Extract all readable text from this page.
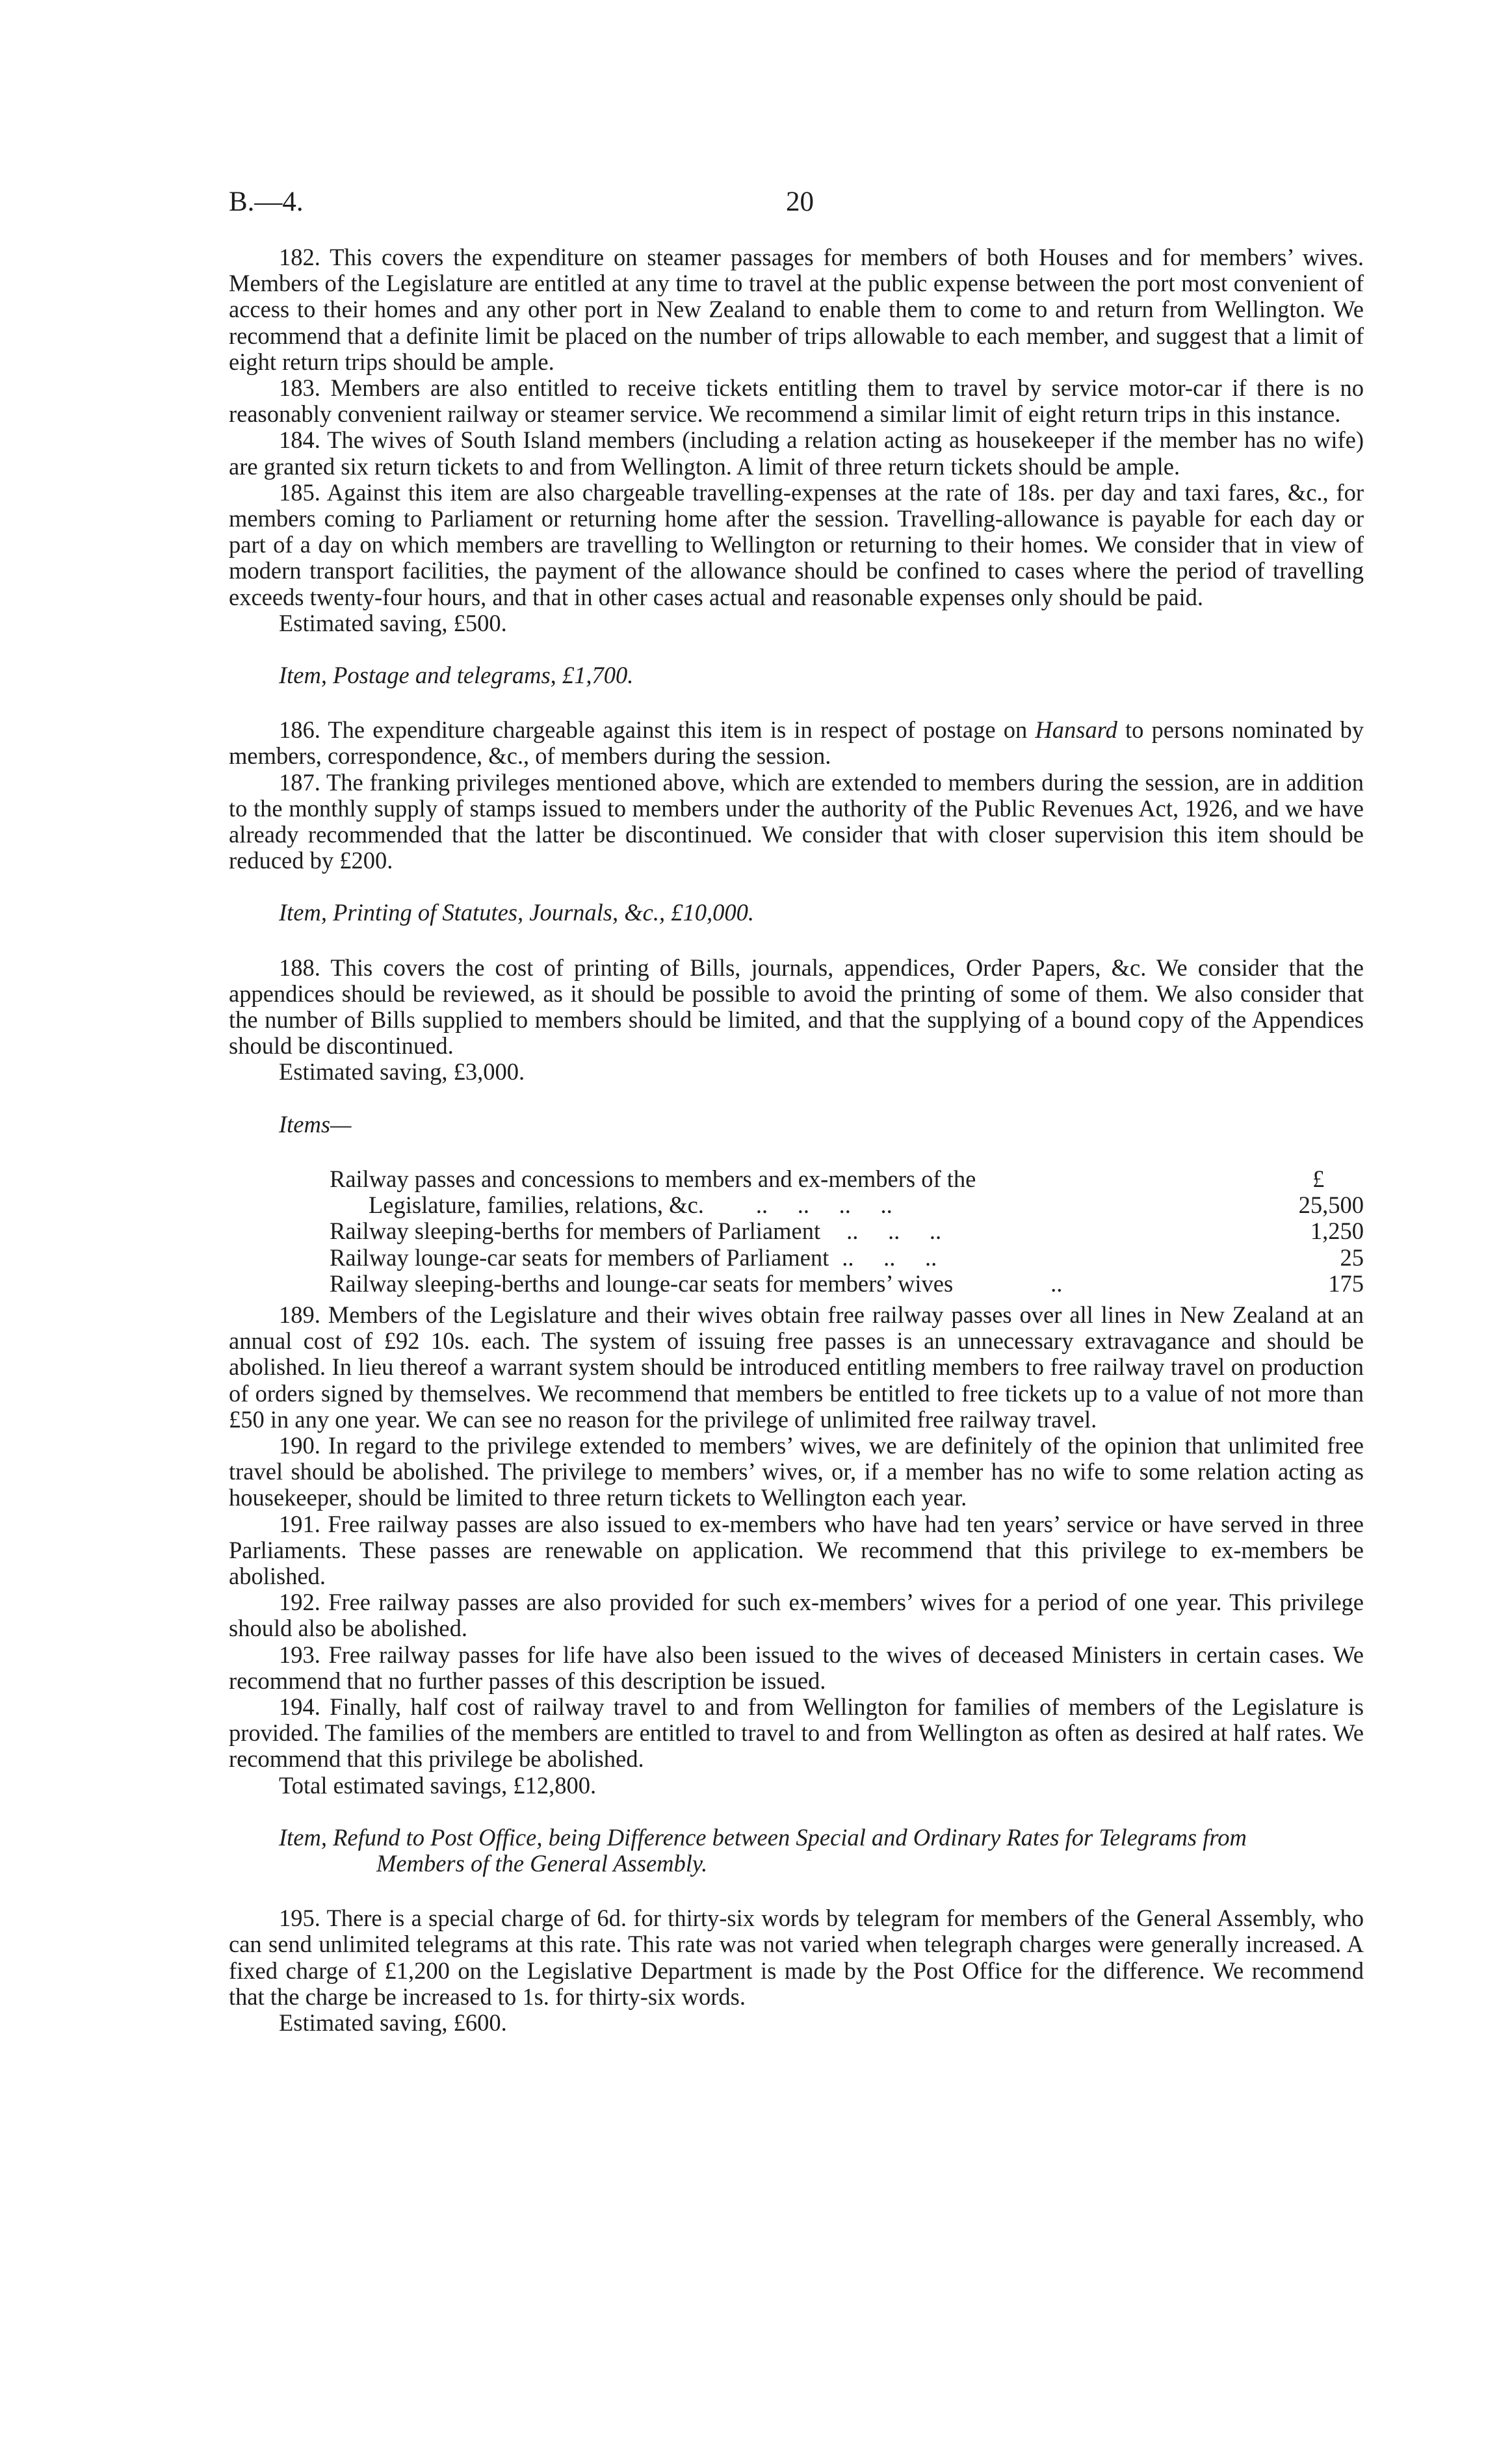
B.—4.	20

182. This covers the expenditure on steamer passages for members of both Houses and for members’ wives. Members of the Legislature are entitled at any time to travel at the public expense between the port most convenient of access to their homes and any other port in New Zealand to enable them to come to and return from Wellington. We recommend that a definite limit be placed on the number of trips allowable to each member, and suggest that a limit of eight return trips should be ample.

183. Members are also entitled to receive tickets entitling them to travel by service motor-car if there is no reasonably convenient railway or steamer service. We recommend a similar limit of eight return trips in this instance.

184. The wives of South Island members (including a relation acting as housekeeper if the member has no wife) are granted six return tickets to and from Wellington. A limit of three return tickets should be ample.

185. Against this item are also chargeable travelling-expenses at the rate of 18s. per day and taxi fares, &c., for members coming to Parliament or returning home after the session. Travelling-allowance is payable for each day or part of a day on which members are travelling to Wellington or returning to their homes. We consider that in view of modern transport facilities, the payment of the allowance should be confined to cases where the period of travelling exceeds twenty-four hours, and that in other cases actual and reasonable expenses only should be paid.

Estimated saving, £500.

Item, Postage and telegrams, £1,700.

186. The expenditure chargeable against this item is in respect of postage on Hansard to persons nominated by members, correspondence, &c., of members during the session.

187. The franking privileges mentioned above, which are extended to members during the session, are in addition to the monthly supply of stamps issued to members under the authority of the Public Revenues Act, 1926, and we have already recommended that the latter be discontinued. We consider that with closer supervision this item should be reduced by £200.

Item, Printing of Statutes, Journals, &c., £10,000.

188. This covers the cost of printing of Bills, journals, appendices, Order Papers, &c. We consider that the appendices should be reviewed, as it should be possible to avoid the printing of some of them. We also consider that the number of Bills supplied to members should be limited, and that the supplying of a bound copy of the Appendices should be discontinued.

Estimated saving, £3,000.

Items—

Railway passes and concessions to members and ex-members of the	£
Legislature, families, relations, &c. ..     ..     ..     ..	25,500
Railway sleeping-berths for members of Parliament ..     ..     ..	1,250
Railway lounge-car seats for members of Parliament ..     ..     ..	25
Railway sleeping-berths and lounge-car seats for members’ wives	..	175

189. Members of the Legislature and their wives obtain free railway passes over all lines in New Zealand at an annual cost of £92 10s. each. The system of issuing free passes is an unnecessary extravagance and should be abolished. In lieu thereof a warrant system should be introduced entitling members to free railway travel on production of orders signed by themselves. We recommend that members be entitled to free tickets up to a value of not more than £50 in any one year. We can see no reason for the privilege of unlimited free railway travel.

190. In regard to the privilege extended to members’ wives, we are definitely of the opinion that unlimited free travel should be abolished. The privilege to members’ wives, or, if a member has no wife to some relation acting as housekeeper, should be limited to three return tickets to Wellington each year.

191. Free railway passes are also issued to ex-members who have had ten years’ service or have served in three Parliaments. These passes are renewable on application. We recommend that this privilege to ex-members be abolished.

192. Free railway passes are also provided for such ex-members’ wives for a period of one year. This privilege should also be abolished.

193. Free railway passes for life have also been issued to the wives of deceased Ministers in certain cases. We recommend that no further passes of this description be issued.

194. Finally, half cost of railway travel to and from Wellington for families of members of the Legislature is provided. The families of the members are entitled to travel to and from Wellington as often as desired at half rates. We recommend that this privilege be abolished.

Total estimated savings, £12,800.

Item, Refund to Post Office, being Difference between Special and Ordinary Rates for Telegrams from
Members of the General Assembly.

195. There is a special charge of 6d. for thirty-six words by telegram for members of the General Assembly, who can send unlimited telegrams at this rate. This rate was not varied when telegraph charges were generally increased. A fixed charge of £1,200 on the Legislative Department is made by the Post Office for the difference. We recommend that the charge be increased to 1s. for thirty-six words.

Estimated saving, £600.
